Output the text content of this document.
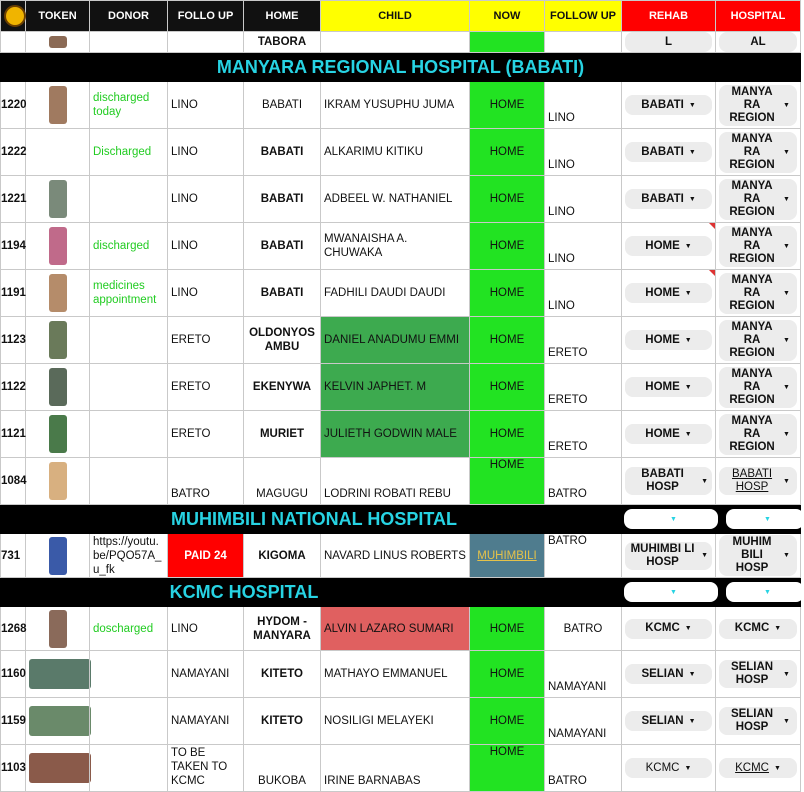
	TOKEN	DONOR	FOLLO UP	HOME	CHILD	NOW	FOLLOW UP	REHAB	HOSPITAL

			TABORA				L	AL

MANYARA REGIONAL HOSPITAL (BABATI)									
1220		discharged today	LINO	BABATI	IKRAM YUSUPHU JUMA	HOME	LINO	BABATI ▼	MANYA RA REGION
▼

1222		Discharged	LINO	BABATI	ALKARIMU KITIKU	HOME	LINO	BABATI ▼	MANYA RA REGION
▼

1221			LINO	BABATI	ADBEEL W. NATHANIEL	HOME	LINO	BABATI ▼	MANYA RA REGION
▼

1194		discharged	LINO	BABATI	MWANAISHA A. CHUWAKA	HOME	LINO	HOME ▼	MANYA RA REGION
▼

1191		medicines appointment	LINO	BABATI	FADHILI DAUDI DAUDI	HOME	LINO	HOME ▼	MANYA RA REGION
▼

1123			ERETO	OLDONYOS AMBU	DANIEL ANADUMU EMMI	HOME	ERETO	HOME ▼	MANYA RA REGION
▼

1122			ERETO	EKENYWA	KELVIN JAPHET. M	HOME	ERETO	HOME ▼	MANYA RA REGION
▼

1121			ERETO	MURIET	JULIETH GODWIN MALE	HOME	ERETO	HOME ▼	MANYA RA REGION
▼

1084			BATRO	MAGUGU	LODRINI ROBATI REBU	HOME	BATRO	BABATI HOSP ▼	BABATI HOSP ▼

MUHIMBILI NATIONAL HOSPITAL ▼ ▼									

731		https://youtu.be/PQO57A_u_fk	PAID 24	KIGOMA	NAVARD LINUS ROBERTS	MUHIMBILI	BATRO	MUHIMBI LI HOSP ▼	MUHIM BILI HOSP
▼

KCMC HOSPITAL ▼ ▼									

1268		doscharged	LINO	HYDOM - MANYARA	ALVIN LAZARO SUMARI	HOME	BATRO	KCMC ▼	KCMC ▼

1160			NAMAYANI	KITETO	MATHAYO EMMANUEL	HOME	NAMAYANI	SELIAN ▼	SELIAN HOSP ▼

1159			NAMAYANI	KITETO	NOSILIGI MELAYEKI	HOME	NAMAYANI	SELIAN ▼	SELIAN HOSP ▼

1103			TO BE TAKEN TO KCMC	BUKOBA	IRINE BARNABAS	HOME	BATRO	KCMC ▼	KCMC ▼
